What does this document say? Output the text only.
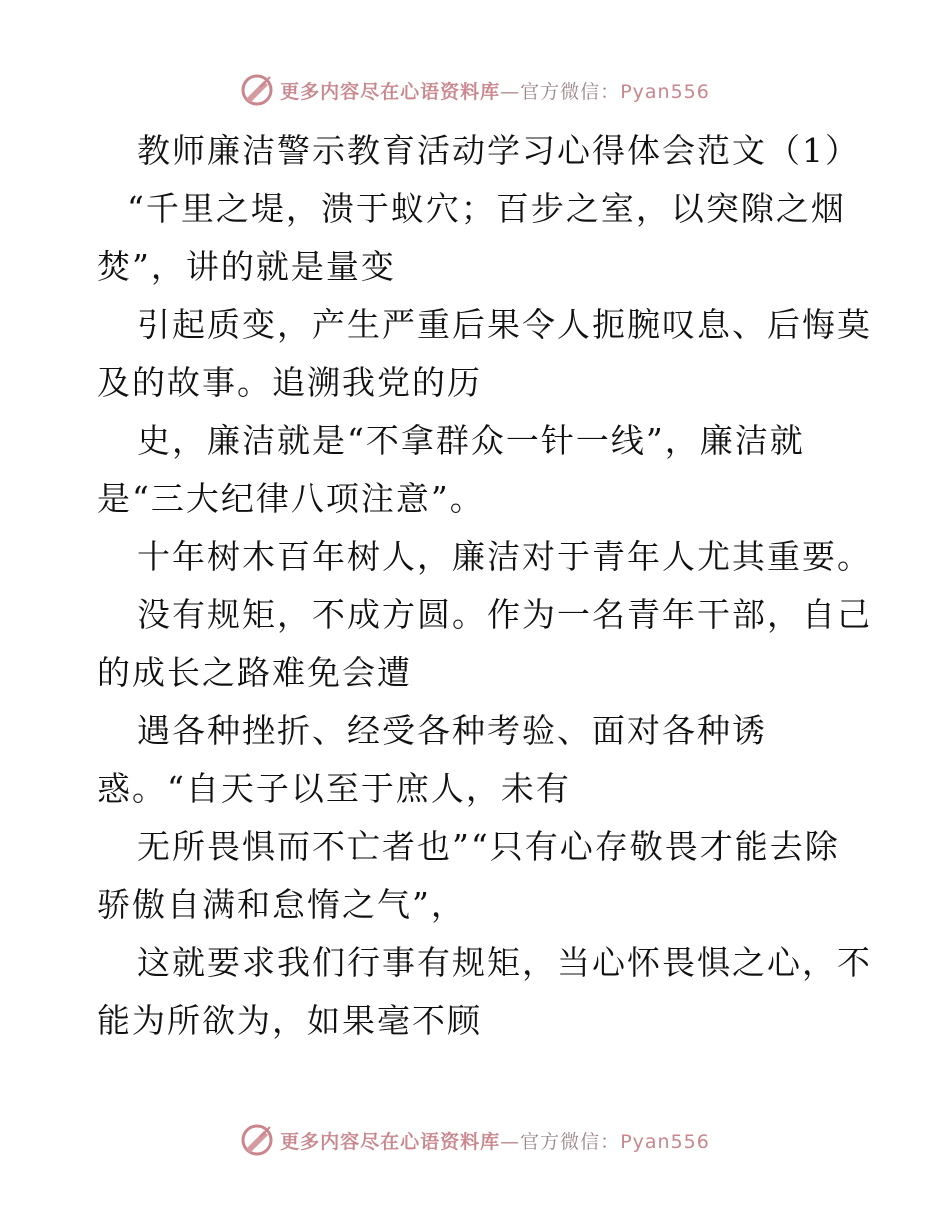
更多内容尽在心语资料库—官方微信：Pyan556
教师廉洁警示教育活动学习心得体会范文（1）
“千里之堤，溃于蚁穴；百步之室，以突隙之烟
焚”，讲的就是量变
引起质变，产生严重后果令人扼腕叹息、后悔莫
及的故事。追溯我党的历
史，廉洁就是“不拿群众一针一线”，廉洁就
是“三大纪律八项注意”。
十年树木百年树人，廉洁对于青年人尤其重要。
没有规矩，不成方圆。作为一名青年干部，自己
的成长之路难免会遭
遇各种挫折、经受各种考验、面对各种诱
惑。“自天子以至于庶人，未有
无所畏惧而不亡者也”“只有心存敬畏才能去除
骄傲自满和怠惰之气”，
这就要求我们行事有规矩，当心怀畏惧之心，不
能为所欲为，如果毫不顾
更多内容尽在心语资料库—官方微信：Pyan556
